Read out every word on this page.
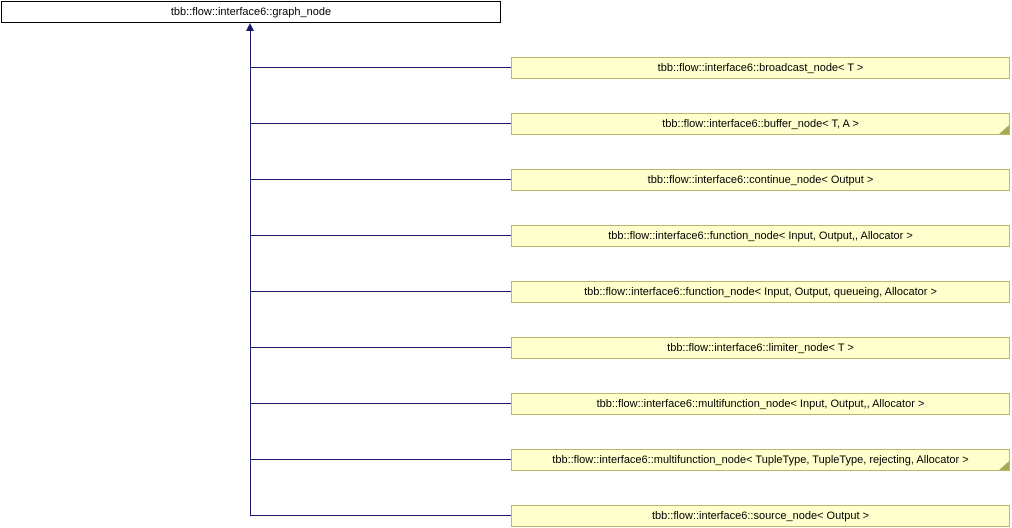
tbb::flow::interface6::graph_node
tbb::flow::interface6::broadcast_node< T >
tbb::flow::interface6::buffer_node< T, A >
tbb::flow::interface6::continue_node< Output >
tbb::flow::interface6::function_node< Input, Output,, Allocator >
tbb::flow::interface6::function_node< Input, Output, queueing, Allocator >
tbb::flow::interface6::limiter_node< T >
tbb::flow::interface6::multifunction_node< Input, Output,, Allocator >
tbb::flow::interface6::multifunction_node< TupleType, TupleType, rejecting, Allocator >
tbb::flow::interface6::source_node< Output >
